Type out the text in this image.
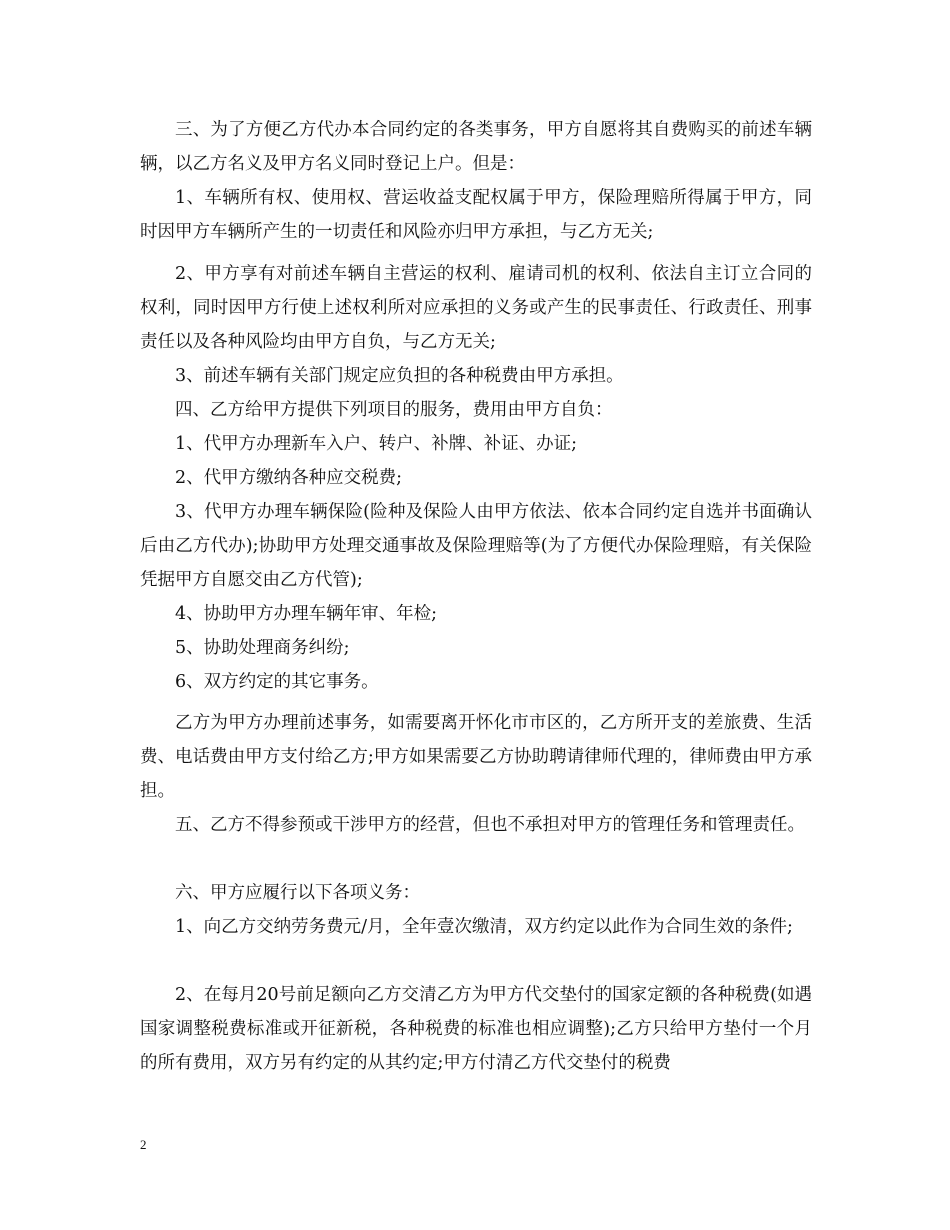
三、为了方便乙方代办本合同约定的各类事务，甲方自愿将其自费购买的前述车辆辆，以乙方名义及甲方名义同时登记上户。但是：

1、车辆所有权、使用权、营运收益支配权属于甲方，保险理赔所得属于甲方，同时因甲方车辆所产生的一切责任和风险亦归甲方承担，与乙方无关;

2、甲方享有对前述车辆自主营运的权利、雇请司机的权利、依法自主订立合同的权利，同时因甲方行使上述权利所对应承担的义务或产生的民事责任、行政责任、刑事责任以及各种风险均由甲方自负，与乙方无关;

3、前述车辆有关部门规定应负担的各种税费由甲方承担。

四、乙方给甲方提供下列项目的服务，费用由甲方自负：

1、代甲方办理新车入户、转户、补牌、补证、办证;

2、代甲方缴纳各种应交税费;

3、代甲方办理车辆保险(险种及保险人由甲方依法、依本合同约定自选并书面确认后由乙方代办);协助甲方处理交通事故及保险理赔等(为了方便代办保险理赔，有关保险凭据甲方自愿交由乙方代管);

4、协助甲方办理车辆年审、年检;

5、协助处理商务纠纷;

6、双方约定的其它事务。

乙方为甲方办理前述事务，如需要离开怀化市市区的，乙方所开支的差旅费、生活费、电话费由甲方支付给乙方;甲方如果需要乙方协助聘请律师代理的，律师费由甲方承担。

五、乙方不得参预或干涉甲方的经营，但也不承担对甲方的管理任务和管理责任。

六、甲方应履行以下各项义务：

1、向乙方交纳劳务费元/月，全年壹次缴清，双方约定以此作为合同生效的条件;

2、在每月20号前足额向乙方交清乙方为甲方代交垫付的国家定额的各种税费(如遇国家调整税费标准或开征新税，各种税费的标准也相应调整);乙方只给甲方垫付一个月的所有费用，双方另有约定的从其约定;甲方付清乙方代交垫付的税费

2
